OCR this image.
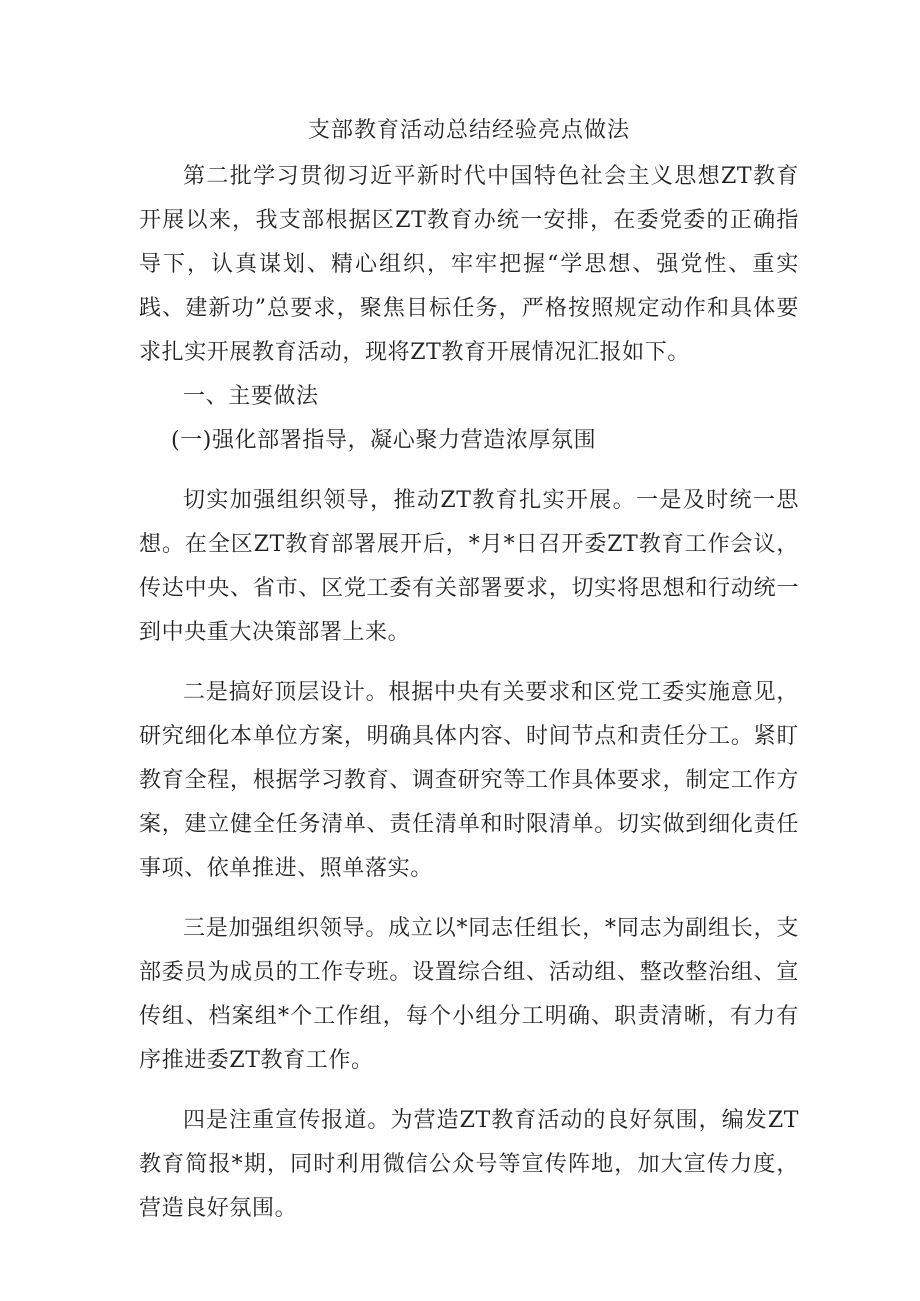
支部教育活动总结经验亮点做法

第二批学习贯彻习近平新时代中国特色社会主义思想ZT教育开展以来，我支部根据区ZT教育办统一安排，在委党委的正确指导下，认真谋划、精心组织，牢牢把握“学思想、强党性、重实践、建新功”总要求，聚焦目标任务，严格按照规定动作和具体要求扎实开展教育活动，现将ZT教育开展情况汇报如下。

一、主要做法

(一)强化部署指导，凝心聚力营造浓厚氛围

切实加强组织领导，推动ZT教育扎实开展。一是及时统一思想。在全区ZT教育部署展开后，*月*日召开委ZT教育工作会议，传达中央、省市、区党工委有关部署要求，切实将思想和行动统一到中央重大决策部署上来。

二是搞好顶层设计。根据中央有关要求和区党工委实施意见，研究细化本单位方案，明确具体内容、时间节点和责任分工。紧盯教育全程，根据学习教育、调查研究等工作具体要求，制定工作方案，建立健全任务清单、责任清单和时限清单。切实做到细化责任事项、依单推进、照单落实。

三是加强组织领导。成立以*同志任组长，*同志为副组长，支部委员为成员的工作专班。设置综合组、活动组、整改整治组、宣传组、档案组*个工作组，每个小组分工明确、职责清晰，有力有序推进委ZT教育工作。

四是注重宣传报道。为营造ZT教育活动的良好氛围，编发ZT教育简报*期，同时利用微信公众号等宣传阵地，加大宣传力度，营造良好氛围。
